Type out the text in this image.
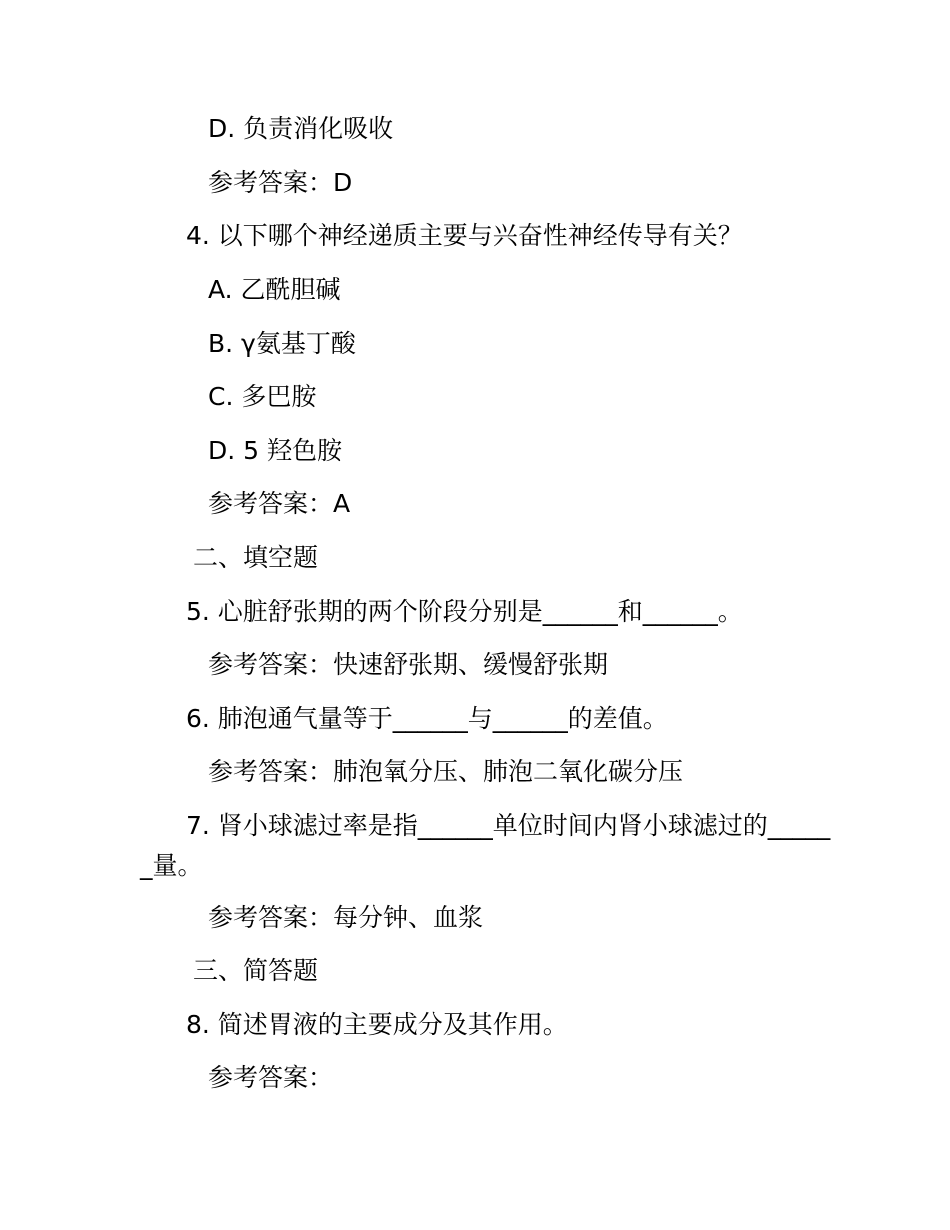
D. 负责消化吸收
参考答案：D
4. 以下哪个神经递质主要与兴奋性神经传导有关？
A. 乙酰胆碱
B. γ氨基丁酸
C. 多巴胺
D. 5 羟色胺
参考答案：A
二、填空题
5. 心脏舒张期的两个阶段分别是______和______。
参考答案：快速舒张期、缓慢舒张期
6. 肺泡通气量等于______与______的差值。
参考答案：肺泡氧分压、肺泡二氧化碳分压
7. 肾小球滤过率是指______单位时间内肾小球滤过的_____
_量。
参考答案：每分钟、血浆
三、简答题
8. 简述胃液的主要成分及其作用。
参考答案：
